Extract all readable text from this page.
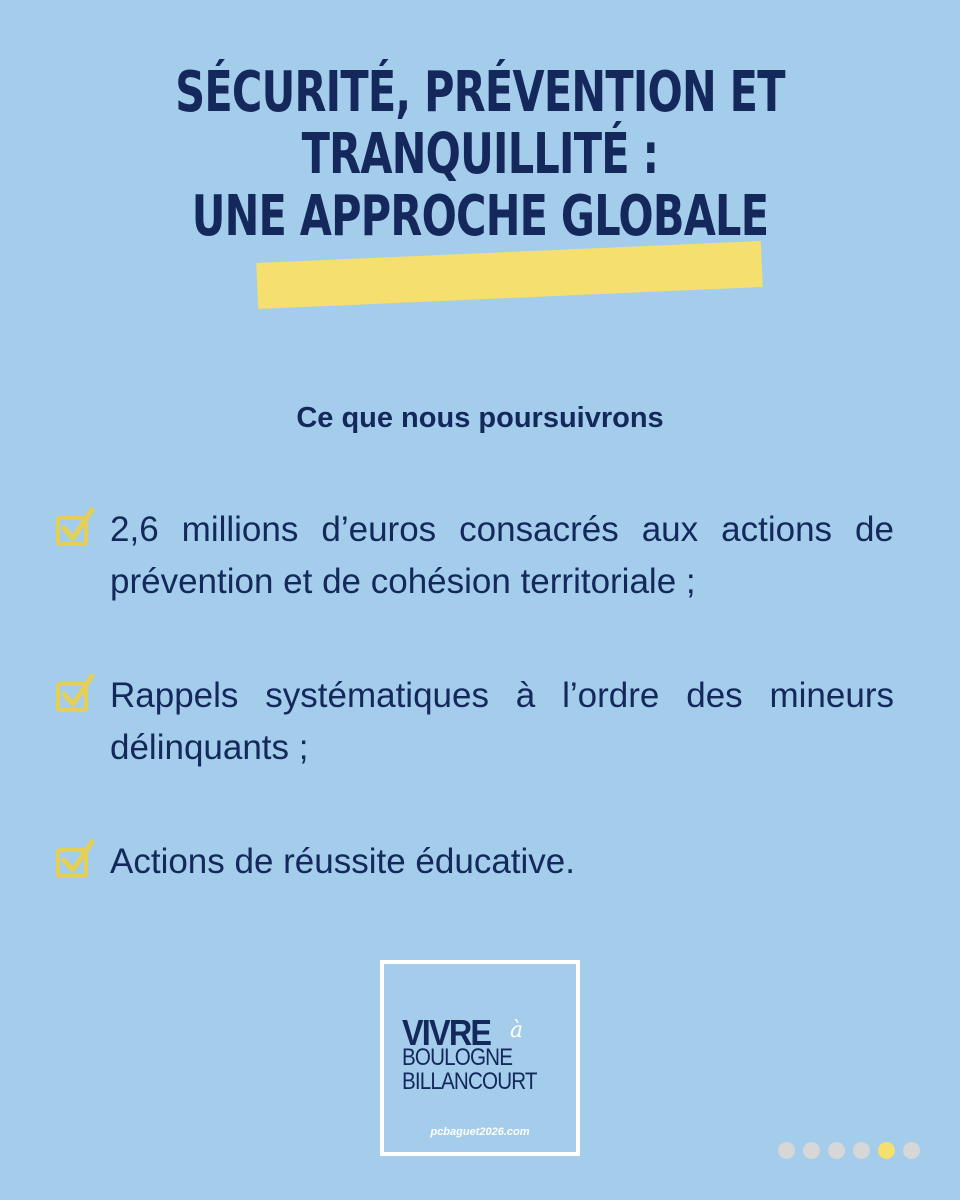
SÉCURITÉ, PRÉVENTION ET
TRANQUILLITÉ :
UNE APPROCHE GLOBALE
Ce que nous poursuivrons
2,6 millions d’euros consacrés aux actions de prévention et de cohésion territoriale ;
Rappels systématiques à l’ordre des mineurs délinquants ;
Actions de réussite éducative.
VIVRE à
BOULOGNE
BILLANCOURT
pcbaguet2026.com
